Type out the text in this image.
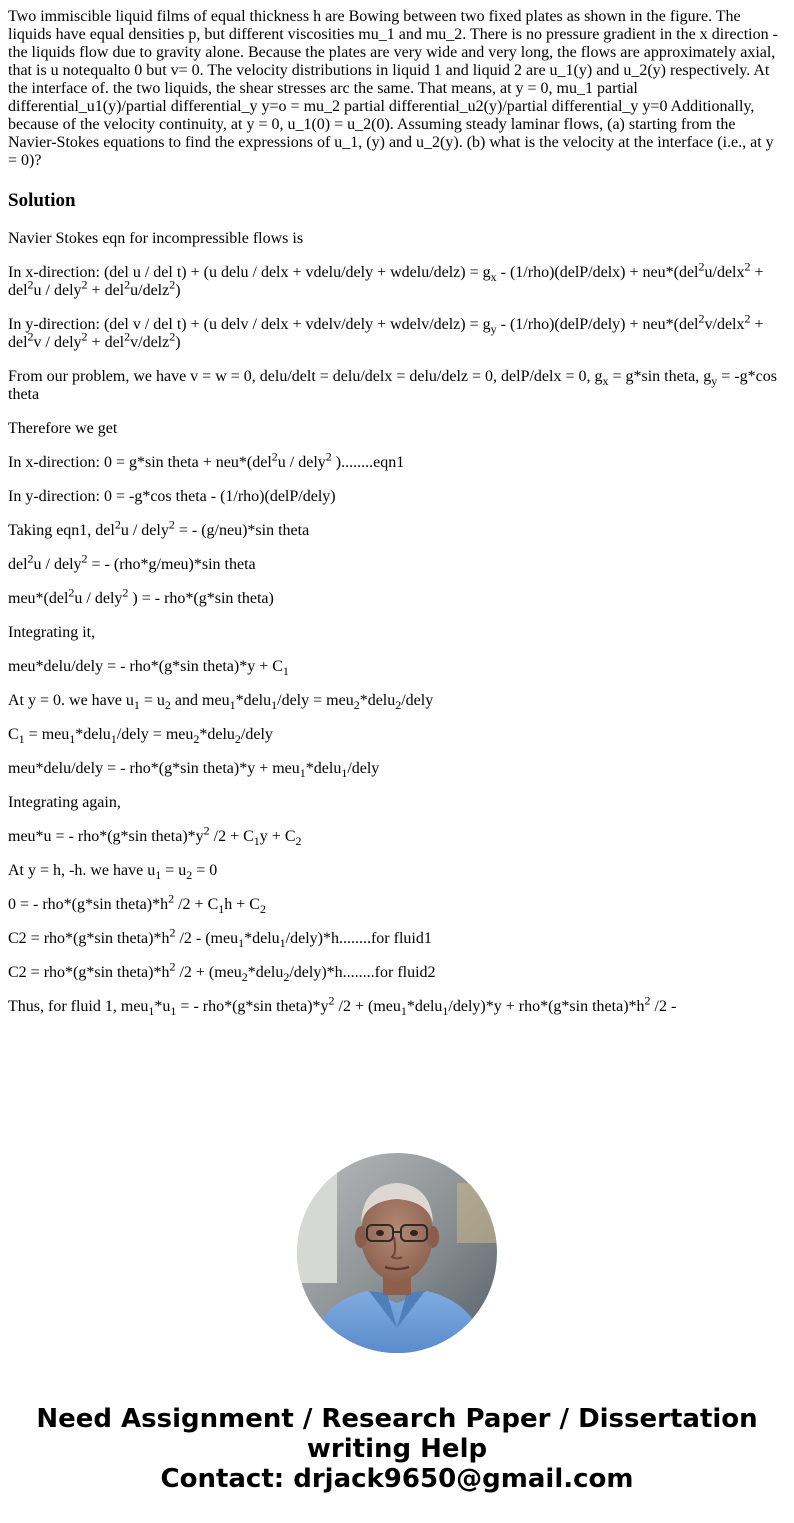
Two immiscible liquid films of equal thickness h are Bowing between two fixed plates as shown in the figure. The liquids have equal densities p, but different viscosities mu_1 and mu_2. There is no pressure gradient in the x direction - the liquids flow due to gravity alone. Because the plates are very wide and very long, the flows are approximately axial, that is u notequalto 0 but v= 0. The velocity distributions in liquid 1 and liquid 2 are u_1(y) and u_2(y) respectively. At the interface of. the two liquids, the shear stresses arc the same. That means, at y = 0, mu_1 partial differential_u1(y)/partial differential_y y=o = mu_2 partial differential_u2(y)/partial differential_y y=0 Additionally, because of the velocity continuity, at y = 0, u_1(0) = u_2(0). Assuming steady laminar flows, (a) starting from the Navier-Stokes equations to find the expressions of u_1, (y) and u_2(y). (b) what is the velocity at the interface (i.e., at y = 0)?

Solution

Navier Stokes eqn for incompressible flows is

In x-direction: (del u / del t) + (u delu / delx + vdelu/dely + wdelu/delz) = $g_x$ - (1/rho)(delP/delx) + neu*(del$^2$u/delx$^2$ + del$^2$u / dely$^2$ + del$^2$u/delz$^2$)

In y-direction: (del v / del t) + (u delv / delx + vdelv/dely + wdelv/delz) = $g_y$ - (1/rho)(delP/dely) + neu*(del$^2$v/delx$^2$ + del$^2$v / dely$^2$ + del$^2$v/delz$^2$)

From our problem, we have v = w = 0, delu/delt = delu/delx = delu/delz = 0, delP/delx = 0, $g_x = g*\sin$ theta, $g_y = -g*\cos$ theta

Therefore we get

In x-direction: 0 = g*sin theta + neu*(del$^2$u / dely$^2$ )........eqn1

In y-direction: 0 = -g*cos theta - (1/rho)(delP/dely)

Taking eqn1, del$^2$u / dely$^2$ = - (g/neu)*sin theta

del$^2$u / dely$^2$ = - (rho*g/meu)*sin theta

meu*(del$^2$u / dely$^2$ ) = - rho*(g*sin theta)

Integrating it,

meu*delu/dely = - rho*(g*sin theta)*y + $C_1$

At y = 0. we have $u_1 = u_2$ and meu$_1$*delu$_1$/dely = meu$_2$*delu$_2$/dely

$C_1$ = meu$_1$*delu$_1$/dely = meu$_2$*delu$_2$/dely

meu*delu/dely = - rho*(g*sin theta)*y + meu$_1$*delu$_1$/dely

Integrating again,

meu*u = - rho*(g*sin $theta)*y^2$ $/2 + C_1y + C_2$

At y = h, -h. we have $u_1 = u_2 = 0$

0 = - rho*(g*sin $theta)*h^2$ $/2 + C_1h + C_2$

C2 = rho*(g*sin $theta)*h^2$ /2 - (meu$_1$*delu$_1$/dely)*h........for fluid1

C2 = rho*(g*sin $theta)*h^2$ /2 + (meu$_2$*delu$_2$/dely)*h........for fluid2

Thus, for fluid 1, $meu_1*u_1$ = - rho*(g*sin $theta)*y^2$ /2 + (meu$_1$*delu$_1$/dely)*y + rho*(g*sin $theta)*h^2$ /2 -

Need Assignment / Research Paper / Dissertation writing Help
Contact: drjack9650@gmail.com
